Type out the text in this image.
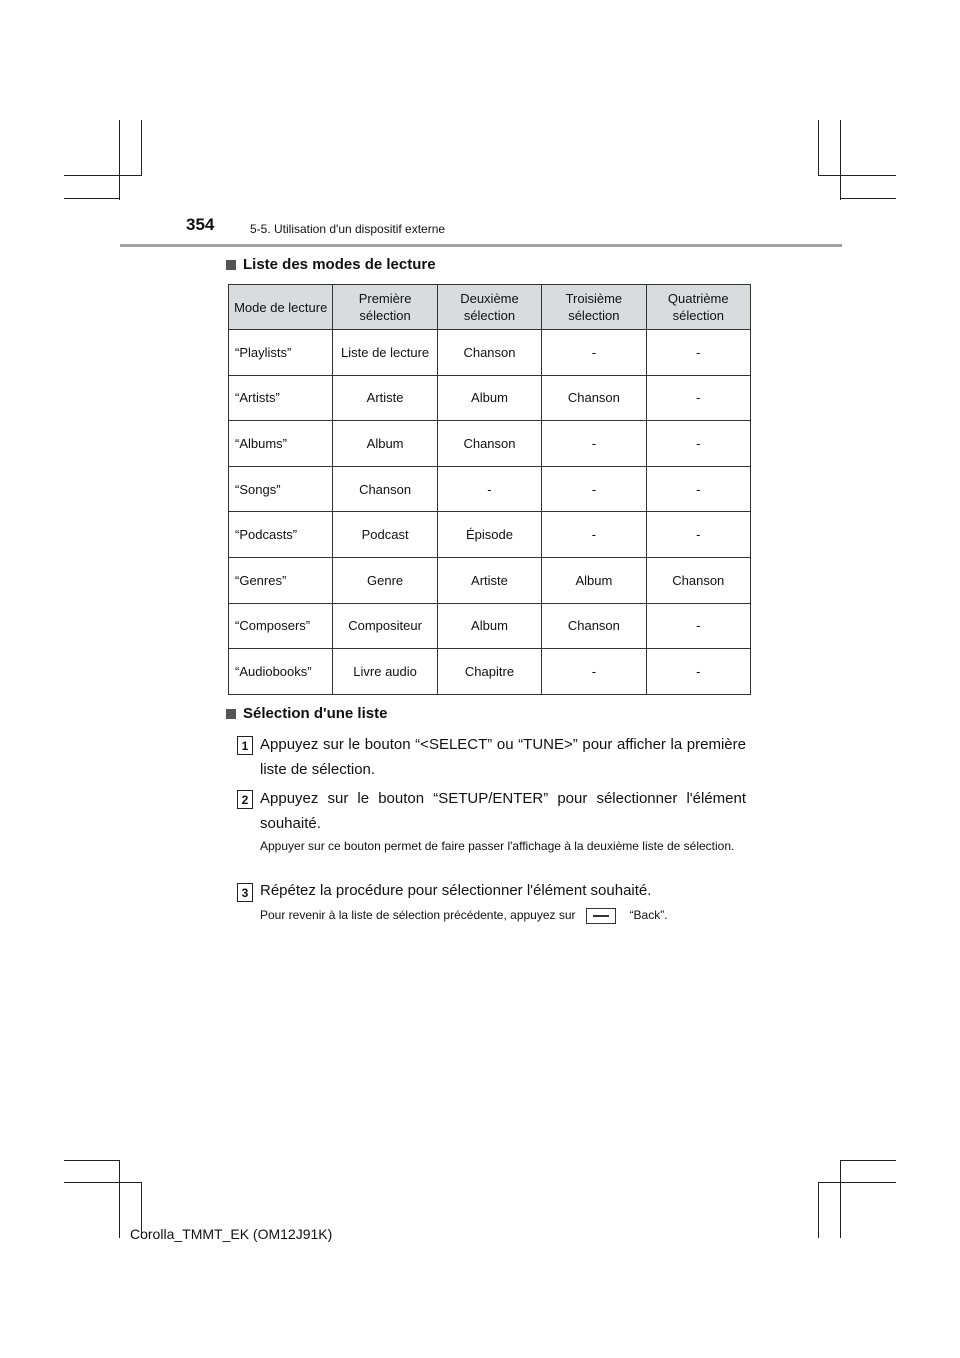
354	5-5. Utilisation d'un dispositif externe
Liste des modes de lecture
Mode de lecture	Première sélection	Deuxième sélection	Troisième sélection	Quatrième sélection
“Playlists”	Liste de lecture	Chanson	-	-
“Artists”	Artiste	Album	Chanson	-
“Albums”	Album	Chanson	-	-
“Songs”	Chanson	-	-	-
“Podcasts”	Podcast	Épisode	-	-
“Genres”	Genre	Artiste	Album	Chanson
“Composers”	Compositeur	Album	Chanson	-
“Audiobooks”	Livre audio	Chapitre	-	-
Sélection d'une liste
1 Appuyez sur le bouton “<SELECT” ou “TUNE>” pour afficher la première liste de sélection.
2 Appuyez sur le bouton “SETUP/ENTER” pour sélectionner l'élément souhaité.
Appuyer sur ce bouton permet de faire passer l'affichage à la deuxième liste de sélection.
3 Répétez la procédure pour sélectionner l'élément souhaité.
Pour revenir à la liste de sélection précédente, appuyez sur	“Back”.
Corolla_TMMT_EK (OM12J91K)
